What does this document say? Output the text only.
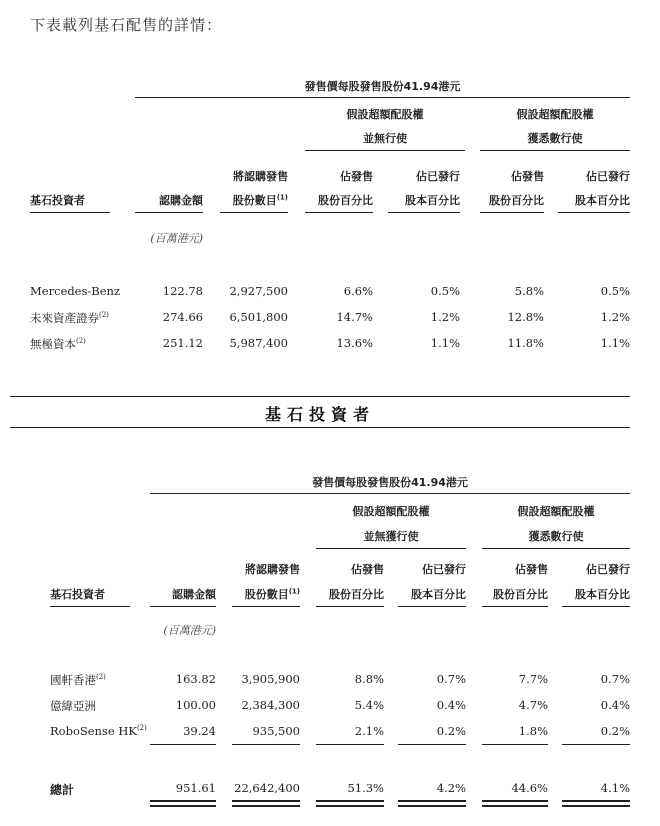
下表載列基石配售的詳情：
發售價每股發售股份41.94港元
假設超額配股權
並無行使
假設超額配股權
獲悉數行使
將認購發售
股份數目$^{(1)}$
佔發售
股份百分比
佔已發行
股本百分比
佔發售
股份百分比
佔已發行
股本百分比
基石投資者	認購金額
(百萬港元)
Mercedes-Benz	122.78	2,927,500	6.6%	0.5%	5.8%	0.5%
未來資產證券$^{(2)}$	274.66	6,501,800	14.7%	1.2%	12.8%	1.2%
無極資本$^{(2)}$	251.12	5,987,400	13.6%	1.1%	11.8%	1.1%
基石投資者
發售價每股發售股份41.94港元
假設超額配股權
並無獲行使
假設超額配股權
獲悉數行使
將認購發售
股份數目$^{(1)}$
佔發售
股份百分比
佔已發行
股本百分比
佔發售
股份百分比
佔已發行
股本百分比
基石投資者	認購金額
(百萬港元)
國軒香港$^{(2)}$	163.82	3,905,900	8.8%	0.7%	7.7%	0.7%
億緯亞洲	100.00	2,384,300	5.4%	0.4%	4.7%	0.4%
RoboSense HK$^{(2)}$	39.24	935,500	2.1%	0.2%	1.8%	0.2%
總計	951.61	22,642,400	51.3%	4.2%	44.6%	4.1%
